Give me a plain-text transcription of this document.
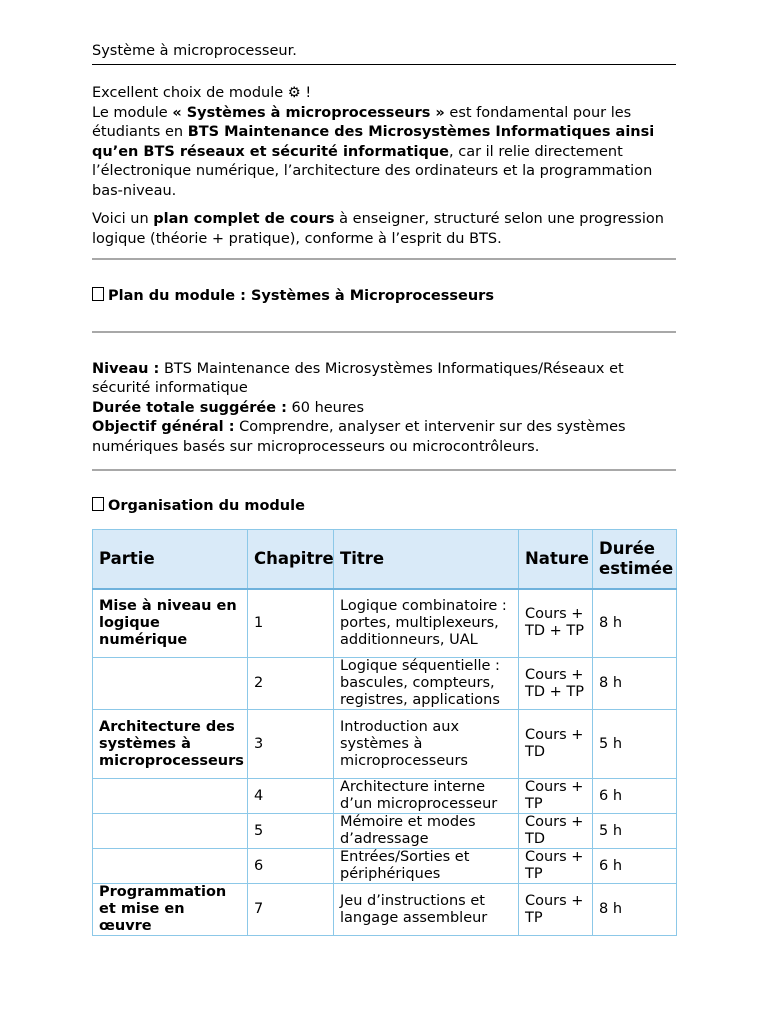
Système à microprocesseur.

Excellent choix de module ⚙ !

Le module « Systèmes à microprocesseurs » est fondamental pour les étudiants en BTS Maintenance des Microsystèmes Informatiques ainsi qu’en BTS réseaux et sécurité informatique, car il relie directement l’électronique numérique, l’architecture des ordinateurs et la programmation bas-niveau.

Voici un plan complet de cours à enseigner, structuré selon une progression logique (théorie + pratique), conforme à l’esprit du BTS.

Plan du module : Systèmes à Microprocesseurs

Niveau : BTS Maintenance des Microsystèmes Informatiques/Réseaux et sécurité informatique

Durée totale suggérée : 60 heures

Objectif général : Comprendre, analyser et intervenir sur des systèmes numériques basés sur microprocesseurs ou microcontrôleurs.

Organisation du module
Partie	Chapitre	Titre	Nature	Durée estimée
Mise à niveau en logique numérique	1	Logique combinatoire : portes, multiplexeurs, additionneurs, UAL	Cours + TD + TP	8 h
	2	Logique séquentielle : bascules, compteurs, registres, applications	Cours + TD + TP	8 h
Architecture des systèmes à microprocesseurs	3	Introduction aux systèmes à microprocesseurs	Cours + TD	5 h
	4	Architecture interne d’un microprocesseur	Cours + TP	6 h
	5	Mémoire et modes d’adressage	Cours + TD	5 h
	6	Entrées/Sorties et périphériques	Cours + TP	6 h
Programmation et mise en œuvre	7	Jeu d’instructions et langage assembleur	Cours + TP	8 h
